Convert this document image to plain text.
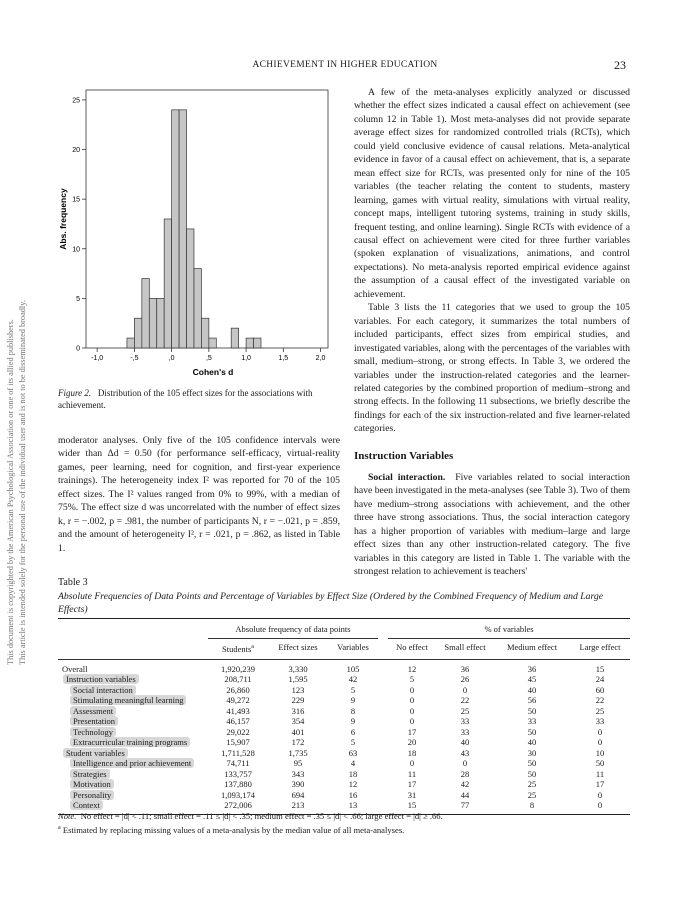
This document is copyrighted by the American Psychological Association or one of its allied publishers. This article is intended solely for the personal use of the individual user and is not to be disseminated broadly.
ACHIEVEMENT IN HIGHER EDUCATION	23
0
5
10
15
20
25
-1,0	-,5	,0	,5	1,0	1,5	2,0
Cohen's d
Abs. frequency
Figure 2. Distribution of the 105 effect sizes for the associations with achievement.

moderator analyses. Only five of the 105 confidence intervals were wider than Δd = 0.50 (for performance self-efficacy, virtual-reality games, peer learning, need for cognition, and first-year experience trainings). The heterogeneity index I² was reported for 70 of the 105 effect sizes. The I² values ranged from 0% to 99%, with a median of 75%. The effect size d was uncorrelated with the number of effect sizes k, r = −.002, p = .981, the number of participants N, r = −.021, p = .859, and the amount of heterogeneity I², r = .021, p = .862, as listed in Table 1.

A few of the meta-analyses explicitly analyzed or discussed whether the effect sizes indicated a causal effect on achievement (see column 12 in Table 1). Most meta-analyses did not provide separate average effect sizes for randomized controlled trials (RCTs), which could yield conclusive evidence of causal relations. Meta-analytical evidence in favor of a causal effect on achievement, that is, a separate mean effect size for RCTs, was presented only for nine of the 105 variables (the teacher relating the content to students, mastery learning, games with virtual reality, simulations with virtual reality, concept maps, intelligent tutoring systems, training in study skills, frequent testing, and online learning). Single RCTs with evidence of a causal effect on achievement were cited for three further variables (spoken explanation of visualizations, animations, and control expectations). No meta-analysis reported empirical evidence against the assumption of a causal effect of the investigated variable on achievement.

Table 3 lists the 11 categories that we used to group the 105 variables. For each category, it summarizes the total numbers of included participants, effect sizes from empirical studies, and investigated variables, along with the percentages of the variables with small, medium–strong, or strong effects. In Table 3, we ordered the variables under the instruction-related categories and the learner-related categories by the combined proportion of medium–strong and strong effects. In the following 11 subsections, we briefly describe the findings for each of the six instruction-related and five learner-related categories.

Instruction Variables

Social interaction. Five variables related to social interaction have been investigated in the meta-analyses (see Table 3). Two of them have medium–strong associations with achievement, and the other three have strong associations. Thus, the social interaction category has a higher proportion of variables with medium–large and large effect sizes than any other instruction-related category. The five variables in this category are listed in Table 1. The variable with the strongest relation to achievement is teachers'

Table 3
Absolute Frequencies of Data Points and Percentage of Variables by Effect Size (Ordered by the Combined Frequency of Medium and Large Effects)
	Absolute frequency of data points				% of variables			
	Students$^a$	Effect sizes	Variables		No effect	Small effect	Medium effect	Large effect
Overall	1,920,239	3,330	105		12	36	36	15
Instruction variables	208,711	1,595	42		5	26	45	24
Social interaction	26,860	123	5		0	0	40	60
Stimulating meaningful learning	49,272	229	9		0	22	56	22
Assessment	41,493	316	8		0	25	50	25
Presentation	46,157	354	9		0	33	33	33
Technology	29,022	401	6		17	33	50	0
Extracurricular training programs	15,907	172	5		20	40	40	0
Student variables	1,711,528	1,735	63		18	43	30	10
Intelligence and prior achievement	74,711	95	4		0	0	50	50
Strategies	133,757	343	18		11	28	50	11
Motivation	137,880	390	12		17	42	25	17
Personality	1,093,174	694	16		31	44	25	0
Context	272,006	213	13		15	77	8	0
Note. No effect = |d| < .11; small effect = .11 ≤ |d| < .35; medium effect = .35 ≤ |d| < .66; large effect = |d| ≥ .66.
$^a$ Estimated by replacing missing values of a meta-analysis by the median value of all meta-analyses.
